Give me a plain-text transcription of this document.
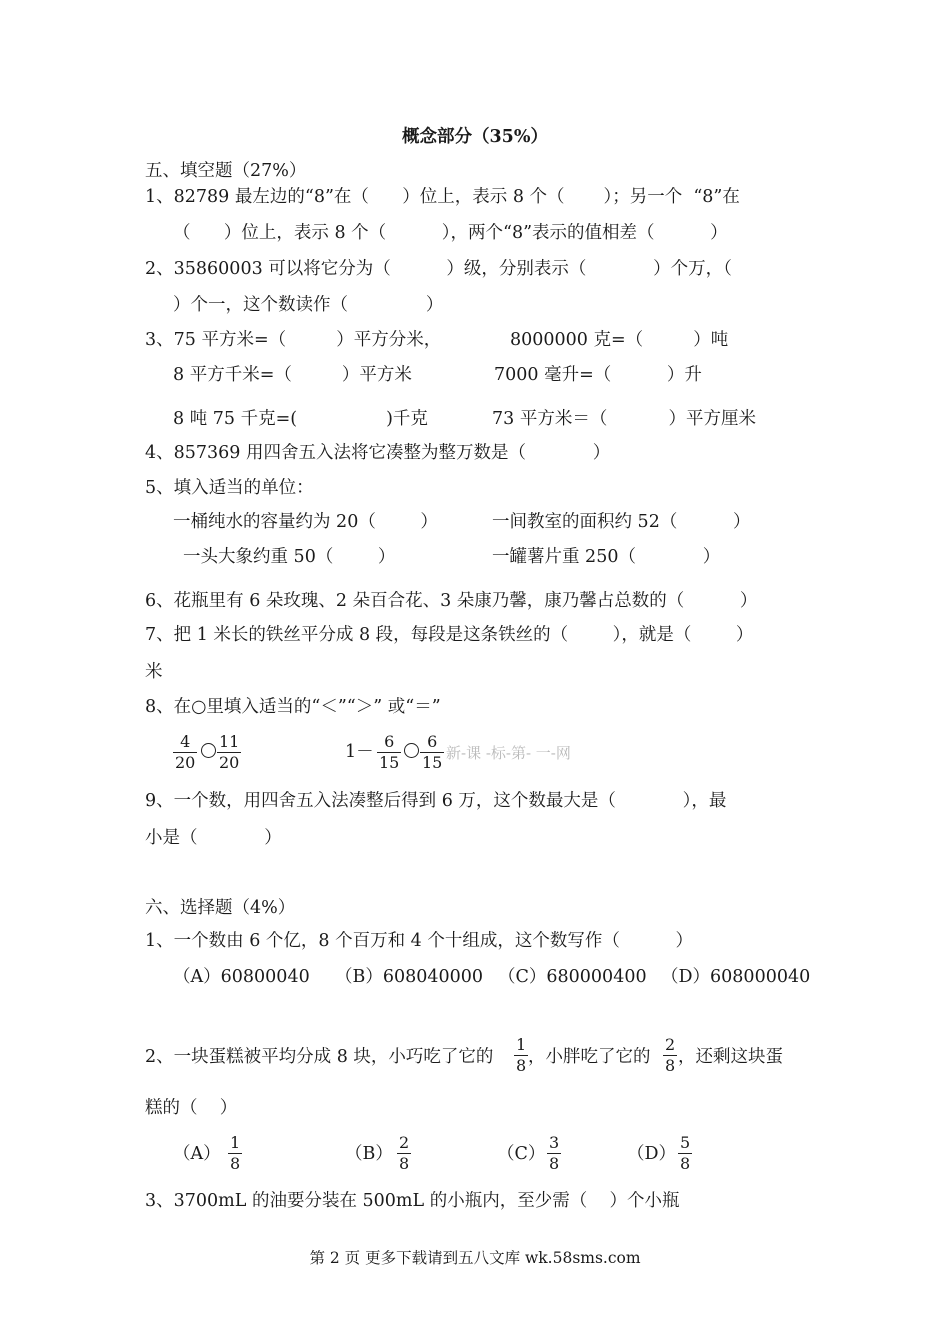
概念部分（35%）
五、填空题（27%）
1、82789 最左边的“8”在（      ）位上，表示 8 个（       ）；另一个  “8”在
（      ）位上，表示 8 个（          ），两个“8”表示的值相差（          ）
2、35860003 可以将它分为（          ）级，分别表示（            ）个万，（
）个一，这个数读作（              ）
3、75 平方米=（         ）平方分米，	8000000 克=（         ）吨
8 平方千米=（         ）平方米	7000 毫升=（          ）升
8 吨 75 千克=(                )千克	73 平方米＝（           ）平方厘米
4、857369 用四舍五入法将它凑整为整万数是（            ）
5、填入适当的单位：
一桶纯水的容量约为 20（        ）	一间教室的面积约 52（          ）
一头大象约重 50（        ）	一罐薯片重 250（            ）
6、花瓶里有 6 朵玫瑰、2 朵百合花、3 朵康乃馨，康乃馨占总数的（          ）
7、把 1 米长的铁丝平分成 8 段，每段是这条铁丝的（        ），就是（        ）
米
8、在○里填入适当的“＜”“＞” 或“＝”
4
20
11
20
1－
6
15
6
15 新-课 -标-第- 一-网
9、一个数，用四舍五入法凑整后得到 6 万，这个数最大是（            ），最
小是（            ）
六、选择题（4%）
1、一个数由 6 个亿，8 个百万和 4 个十组成，这个数写作（          ）
（A）60800040 （B）608040000 （C）680000400 （D）608000040
2、一块蛋糕被平均分成 8 块，小巧吃了它的
1
8 ，小胖吃了它的
2
8 ，还剩这块蛋
糕的（    ）
（A）
1
8	（B）
2
8	（C）
3
8	（D）
5
8
3、3700mL 的油要分装在 500mL 的小瓶内，至少需（    ）个小瓶
第 2 页 更多下载请到五八文库 wk.58sms.com
